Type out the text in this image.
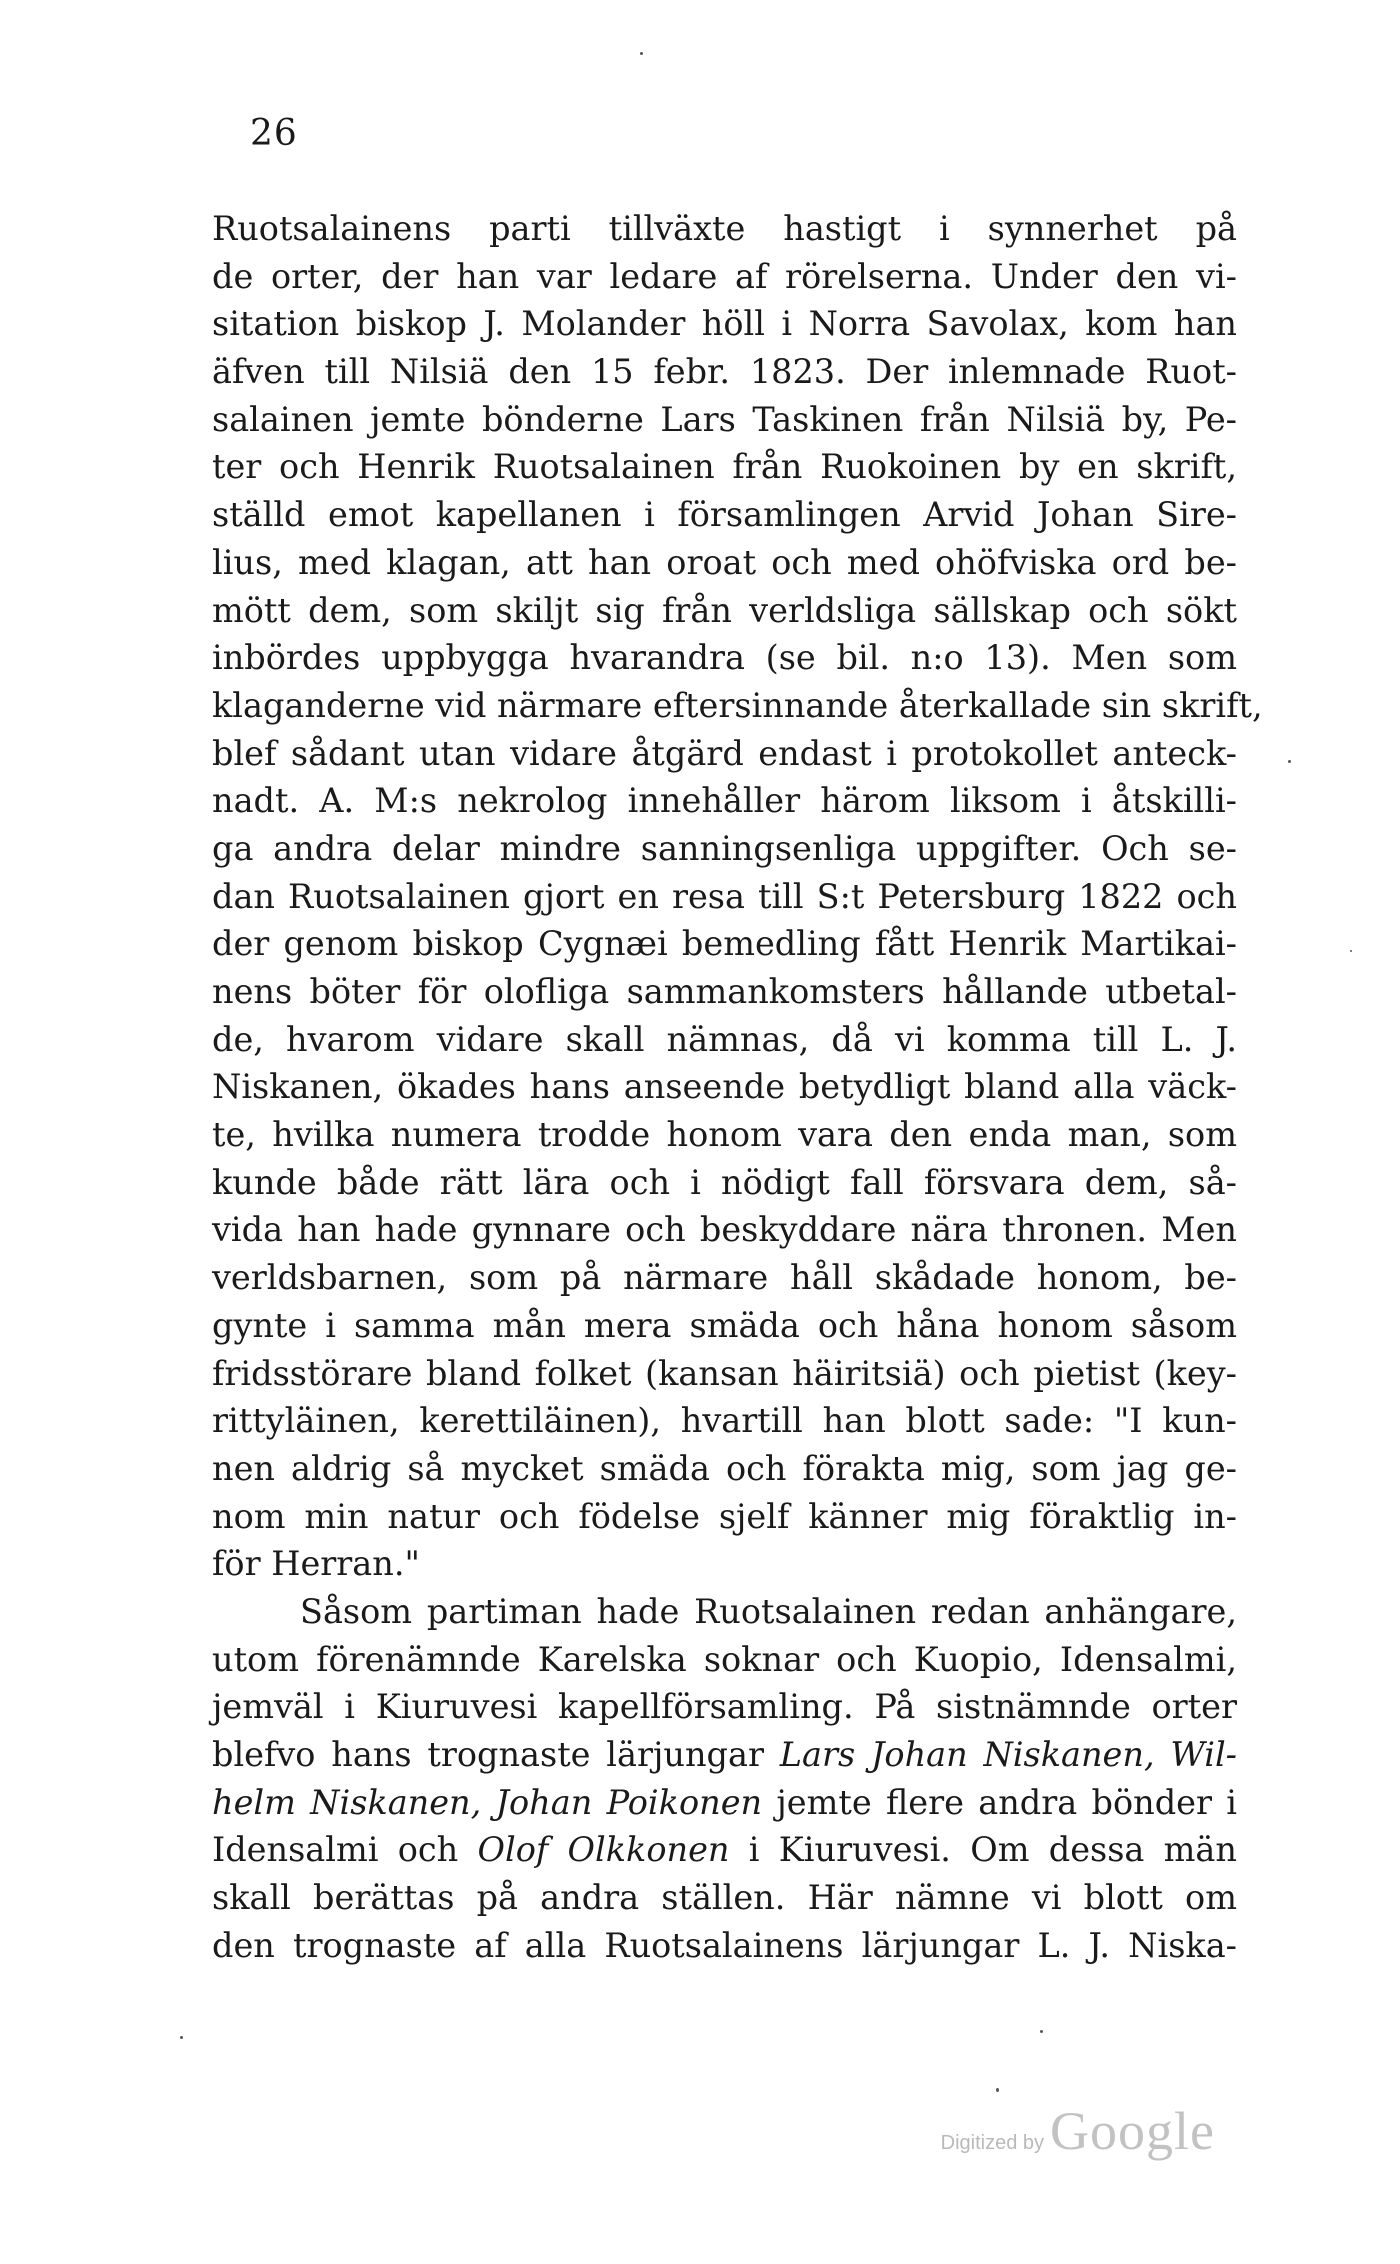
26
Ruotsalainens parti tillväxte hastigt i synnerhet på
de orter, der han var ledare af rörelserna. Under den vi-
sitation biskop J. Molander höll i Norra Savolax, kom han
äfven till Nilsiä den 15 febr. 1823. Der inlemnade Ruot-
salainen jemte bönderne Lars Taskinen från Nilsiä by, Pe-
ter och Henrik Ruotsalainen från Ruokoinen by en skrift,
ställd emot kapellanen i församlingen Arvid Johan Sire-
lius, med klagan, att han oroat och med ohöfviska ord be-
mött dem, som skiljt sig från verldsliga sällskap och sökt
inbördes uppbygga hvarandra (se bil. n:o 13). Men som
klaganderne vid närmare eftersinnande återkallade sin skrift,
blef sådant utan vidare åtgärd endast i protokollet anteck-
nadt. A. M:s nekrolog innehåller härom liksom i åtskilli-
ga andra delar mindre sanningsenliga uppgifter. Och se-
dan Ruotsalainen gjort en resa till S:t Petersburg 1822 och
der genom biskop Cygnæi bemedling fått Henrik Martikai-
nens böter för olofliga sammankomsters hållande utbetal-
de, hvarom vidare skall nämnas, då vi komma till L. J.
Niskanen, ökades hans anseende betydligt bland alla väck-
te, hvilka numera trodde honom vara den enda man, som
kunde både rätt lära och i nödigt fall försvara dem, så-
vida han hade gynnare och beskyddare nära thronen. Men
verldsbarnen, som på närmare håll skådade honom, be-
gynte i samma mån mera smäda och håna honom såsom
fridsstörare bland folket (kansan häiritsiä) och pietist (key-
rittyläinen, kerettiläinen), hvartill han blott sade: "I kun-
nen aldrig så mycket smäda och förakta mig, som jag ge-
nom min natur och födelse sjelf känner mig föraktlig in-
för Herran."
Såsom partiman hade Ruotsalainen redan anhängare,
utom förenämnde Karelska soknar och Kuopio, Idensalmi,
jemväl i Kiuruvesi kapellförsamling. På sistnämnde orter
blefvo hans trognaste lärjungar Lars Johan Niskanen, Wil-
helm Niskanen, Johan Poikonen jemte flere andra bönder i
Idensalmi och Olof Olkkonen i Kiuruvesi. Om dessa män
skall berättas på andra ställen. Här nämne vi blott om
den trognaste af alla Ruotsalainens lärjungar L. J. Niska-
Digitized by Google
